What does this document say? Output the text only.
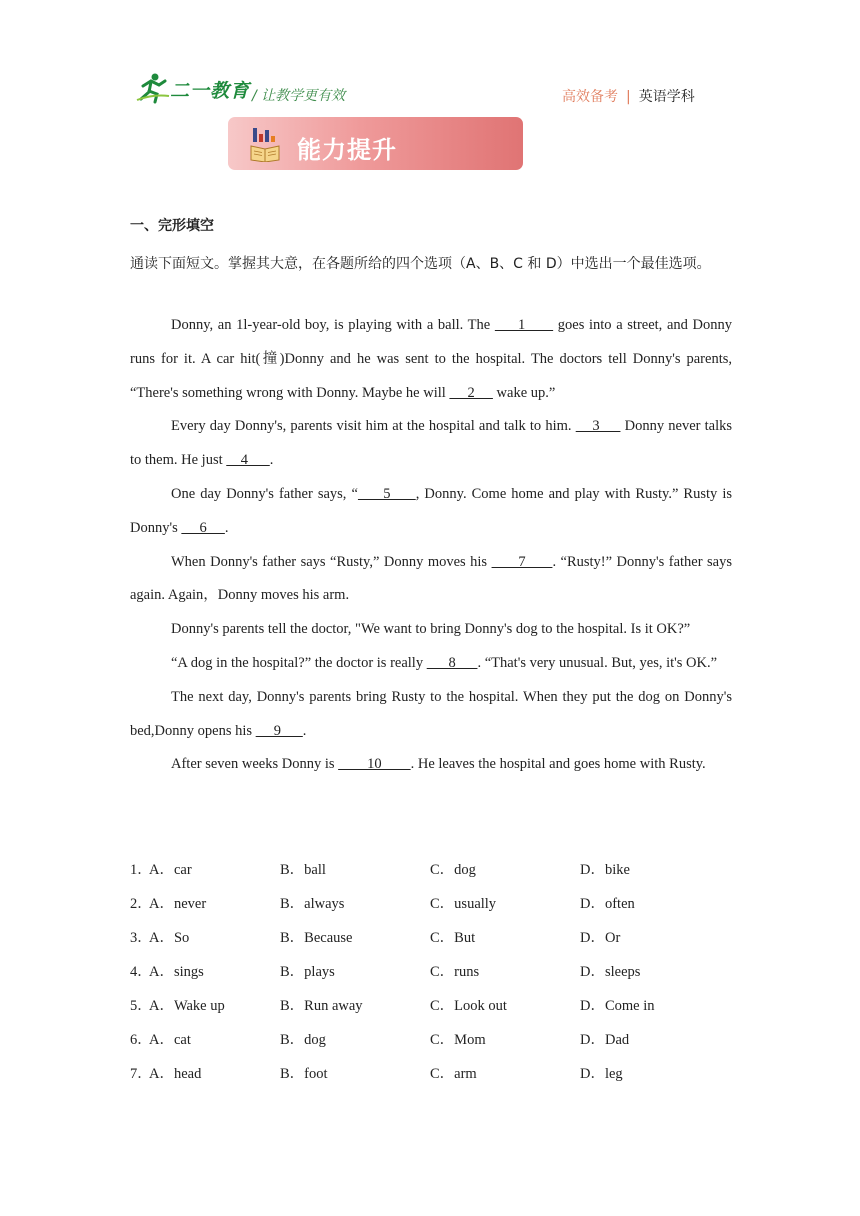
二一教育 / 让教学更有效	高效备考 | 英语学科
能力提升
一、完形填空
通读下面短文。掌握其大意，在各题所给的四个选项（A、B、C 和 D）中选出一个最佳选项。

Donny, an 1l-year-old boy, is playing with a ball. The      1       goes into a street, and Donny runs for it. A car hit(撞)Donny and he was sent to the hospital. The doctors tell Donny's parents, “There's something wrong with Donny. Maybe he will      2      wake up.”

Every day Donny's, parents visit him at the hospital and talk to him.     3      Donny never talks to them. He just     4      .

One day Donny's father says, “     5     , Donny. Come home and play with Rusty.” Rusty is Donny's      6     .

When Donny's father says “Rusty,” Donny moves his       7      . “Rusty!” Donny's father says again. Again，Donny moves his arm.

Donny's parents tell the doctor, "We want to bring Donny's dog to the hospital. Is it OK?”

“A dog in the hospital?” the doctor is really       8      . “That's very unusual. But, yes, it's OK.”

The next day, Donny's parents bring Rusty to the hospital. When they put the dog on Donny's bed,Donny opens his      9      .

After seven weeks Donny is         10        . He leaves the hospital and goes home with Rusty.

1．
A．car	B．ball	C．dog	D．bike
2．
A．never	B．always	C．usually	D．often
3．
A．So	B．Because	C．But	D．Or
4．
A．sings	B．plays	C．runs	D．sleeps
5．
A．Wake up	B．Run away	C．Look out	D．Come in
6．
A．cat	B．dog	C．Mom	D．Dad
7．
A．head	B．foot	C．arm	D．leg
